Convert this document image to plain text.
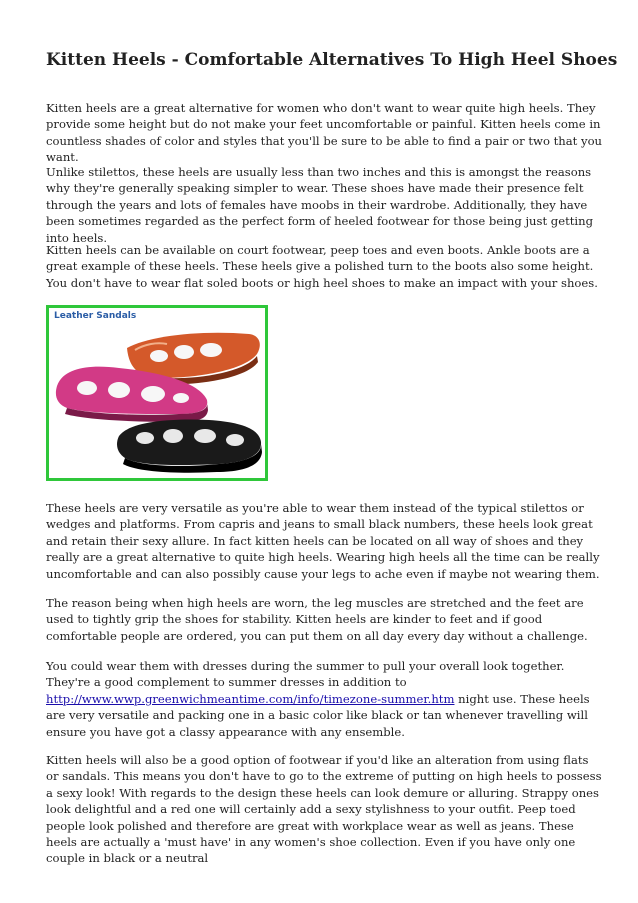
Kitten Heels - Comfortable Alternatives To High Heel Shoes

Kitten heels are a great alternative for women who don't want to wear quite high heels. They provide some height but do not make your feet uncomfortable or painful. Kitten heels come in countless shades of color and styles that you'll be sure to be able to find a pair or two that you want.

Unlike stilettos, these heels are usually less than two inches and this is amongst the reasons why they're generally speaking simpler to wear. These shoes have made their presence felt through the years and lots of females have moobs in their wardrobe. Additionally, they have been sometimes regarded as the perfect form of heeled footwear for those being just getting into heels.

Kitten heels can be available on court footwear, peep toes and even boots. Ankle boots are a great example of these heels. These heels give a polished turn to the boots also some height. You don't have to wear flat soled boots or high heel shoes to make an impact with your shoes.

Leather Sandals

These heels are very versatile as you're able to wear them instead of the typical stilettos or wedges and platforms. From capris and jeans to small black numbers, these heels look great and retain their sexy allure. In fact kitten heels can be located on all way of shoes and they really are a great alternative to quite high heels. Wearing high heels all the time can be really uncomfortable and can also possibly cause your legs to ache even if maybe not wearing them.

The reason being when high heels are worn, the leg muscles are stretched and the feet are used to tightly grip the shoes for stability. Kitten heels are kinder to feet and if good comfortable people are ordered, you can put them on all day every day without a challenge.

You could wear them with dresses during the summer to pull your overall look together. They're a good complement to summer dresses in addition to http://www.wwp.greenwichmeantime.com/info/timezone-summer.htm night use. These heels are very versatile and packing one in a basic color like black or tan whenever travelling will ensure you have got a classy appearance with any ensemble.

Kitten heels will also be a good option of footwear if you'd like an alteration from using flats or sandals. This means you don't have to go to the extreme of putting on high heels to possess a sexy look! With regards to the design these heels can look demure or alluring. Strappy ones look delightful and a red one will certainly add a sexy stylishness to your outfit. Peep toed people look polished and therefore are great with workplace wear as well as jeans. These heels are actually a 'must have' in any women's shoe collection. Even if you have only one couple in black or a neutral
